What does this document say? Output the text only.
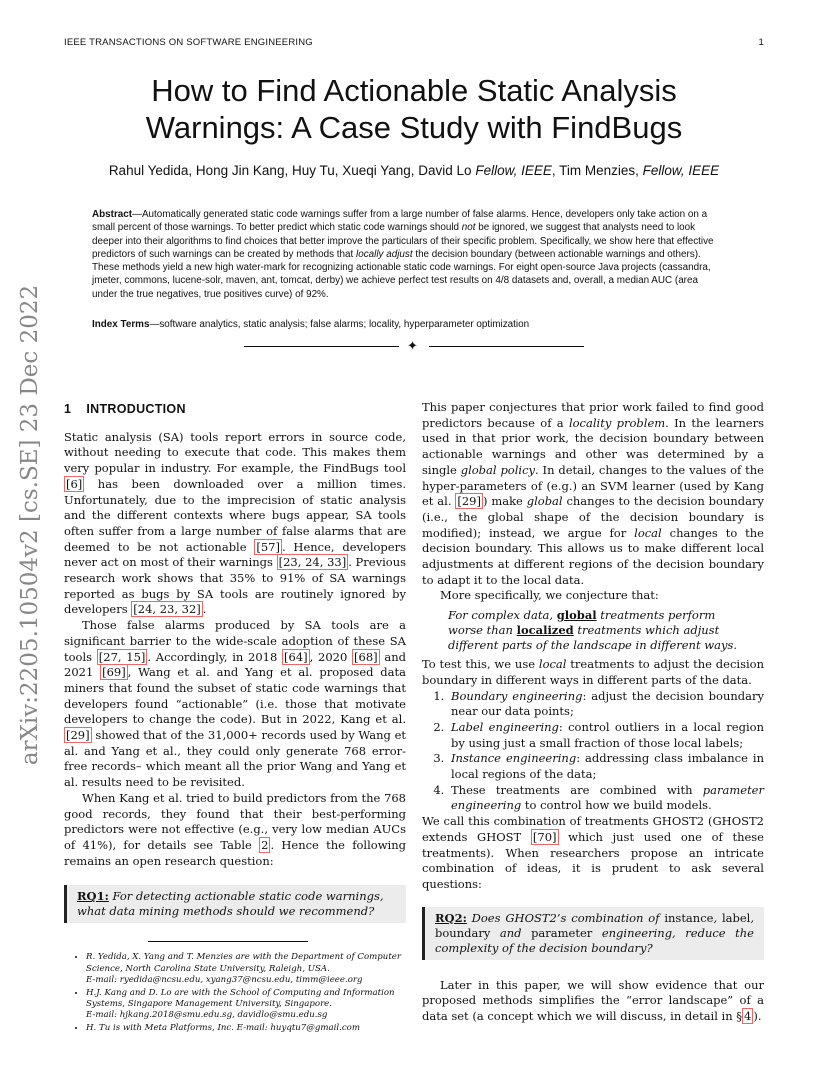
IEEE TRANSACTIONS ON SOFTWARE ENGINEERING	1
arXiv:2205.10504v2 [cs.SE] 23 Dec 2022
How to Find Actionable Static Analysis
Warnings: A Case Study with FindBugs
Rahul Yedida, Hong Jin Kang, Huy Tu, Xueqi Yang, David Lo Fellow, IEEE, Tim Menzies, Fellow, IEEE
Abstract—Automatically generated static code warnings suffer from a large number of false alarms. Hence, developers only take action on a small percent of those warnings. To better predict which static code warnings should not be ignored, we suggest that analysts need to look deeper into their algorithms to find choices that better improve the particulars of their specific problem. Specifically, we show here that effective predictors of such warnings can be created by methods that locally adjust the decision boundary (between actionable warnings and others). These methods yield a new high water-mark for recognizing actionable static code warnings. For eight open-source Java projects (cassandra, jmeter, commons, lucene-solr, maven, ant, tomcat, derby) we achieve perfect test results on 4/8 datasets and, overall, a median AUC (area under the true negatives, true positives curve) of 92%.
Index Terms—software analytics, static analysis; false alarms; locality, hyperparameter optimization
✦

1 INTRODUCTION

Static analysis (SA) tools report errors in source code, without needing to execute that code. This makes them very popular in industry. For example, the FindBugs tool [6] has been downloaded over a million times. Unfortunately, due to the imprecision of static analysis and the different contexts where bugs appear, SA tools often suffer from a large number of false alarms that are deemed to be not actionable [57] . Hence, developers never act on most of their warnings [23, 24, 33] . Previous research work shows that 35% to 91% of SA warnings reported as bugs by SA tools are routinely ignored by developers [24, 23, 32] .

Those false alarms produced by SA tools are a significant barrier to the wide-scale adoption of these SA tools [27, 15] . Accordingly, in 2018 [64] , 2020 [68] and 2021 [69] , Wang et al. and Yang et al. proposed data miners that found the subset of static code warnings that developers found “actionable” (i.e. those that motivate developers to change the code). But in 2022, Kang et al. [29] showed that of the 31,000+ records used by Wang et al. and Yang et al., they could only generate 768 error-free records– which meant all the prior Wang and Yang et al. results need to be revisited.

When Kang et al. tried to build predictors from the 768 good records, they found that their best-performing predictors were not effective (e.g., very low median AUCs of 41%), for details see Table 2 . Hence the following remains an open research question:

RQ1: For detecting actionable static code warnings, what data mining methods should we recommend?
• R. Yedida, X. Yang and T. Menzies are with the Department of Computer Science, North Carolina State University, Raleigh, USA.
E-mail: ryedida@ncsu.edu, xyang37@ncsu.edu, timm@ieee.org
• H.J. Kang and D. Lo are with the School of Computing and Information Systems, Singapore Management University, Singapore.
E-mail: hjkang.2018@smu.edu.sg, davidlo@smu.edu.sg
• H. Tu is with Meta Platforms, Inc. E-mail: huyqtu7@gmail.com

This paper conjectures that prior work failed to find good predictors because of a locality problem. In the learners used in that prior work, the decision boundary between actionable warnings and other was determined by a single global policy. In detail, changes to the values of the hyper-parameters of (e.g.) an SVM learner (used by Kang et al. [29] ) make global changes to the decision boundary (i.e., the global shape of the decision boundary is modified); instead, we argue for local changes to the decision boundary. This allows us to make different local adjustments at different regions of the decision boundary to adapt it to the local data.

More specifically, we conjecture that:

For complex data, global treatments perform worse than localized treatments which adjust different parts of the landscape in different ways.

To test this, we use local treatments to adjust the decision boundary in different ways in different parts of the data.

1. Boundary engineering: adjust the decision boundary near our data points;
2. Label engineering: control outliers in a local region by using just a small fraction of those local labels;
3. Instance engineering: addressing class imbalance in local regions of the data;
4. These treatments are combined with parameter engineering to control how we build models.

We call this combination of treatments GHOST2 (GHOST2 extends GHOST [70] which just used one of these treatments). When researchers propose an intricate combination of ideas, it is prudent to ask several questions:

RQ2: Does GHOST2’s combination of instance, label, boundary and parameter engineering, reduce the complexity of the decision boundary?

Later in this paper, we will show evidence that our proposed methods simplifies the “error landscape” of a data set (a concept which we will discuss, in detail in § 4 ).
